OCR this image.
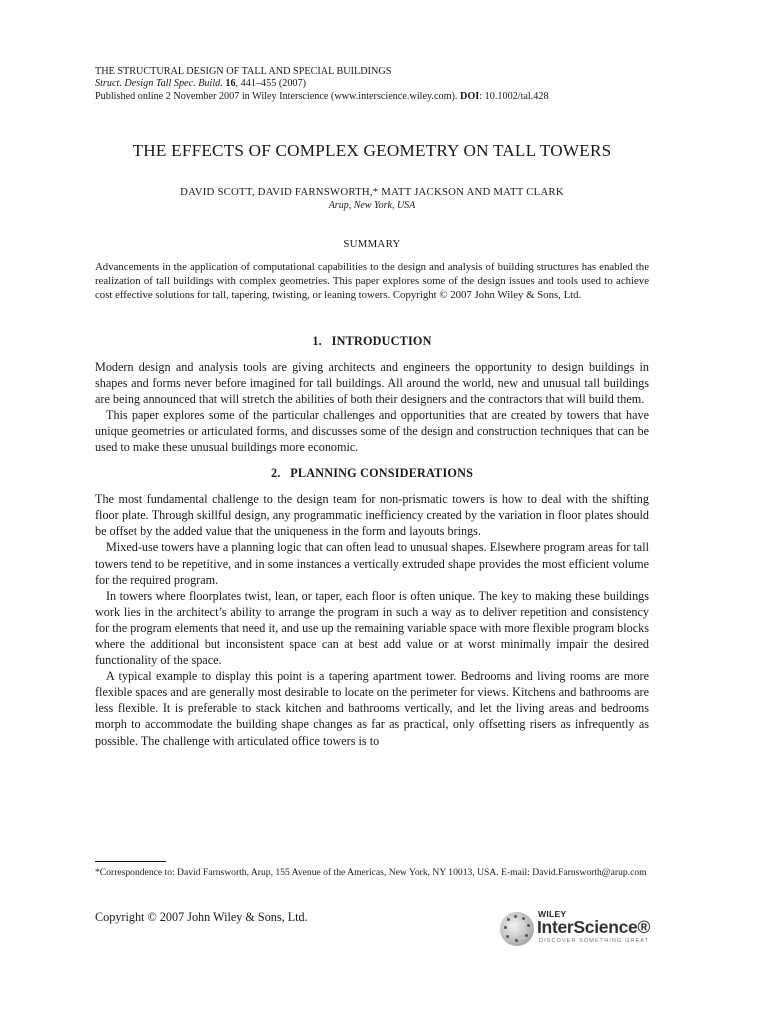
THE STRUCTURAL DESIGN OF TALL AND SPECIAL BUILDINGS

Struct. Design Tall Spec. Build. 16, 441–455 (2007)

Published online 2 November 2007 in Wiley Interscience (www.interscience.wiley.com). DOI: 10.1002/tal.428

THE EFFECTS OF COMPLEX GEOMETRY ON TALL TOWERS

DAVID SCOTT, DAVID FARNSWORTH,* MATT JACKSON AND MATT CLARK

Arup, New York, USA

SUMMARY

Advancements in the application of computational capabilities to the design and analysis of building structures has enabled the realization of tall buildings with complex geometries. This paper explores some of the design issues and tools used to achieve cost effective solutions for tall, tapering, twisting, or leaning towers. Copyright © 2007 John Wiley & Sons, Ltd.

1.   INTRODUCTION

Modern design and analysis tools are giving architects and engineers the opportunity to design buildings in shapes and forms never before imagined for tall buildings. All around the world, new and unusual tall buildings are being announced that will stretch the abilities of both their designers and the contractors that will build them.

This paper explores some of the particular challenges and opportunities that are created by towers that have unique geometries or articulated forms, and discusses some of the design and construction techniques that can be used to make these unusual buildings more economic.

2.   PLANNING CONSIDERATIONS

The most fundamental challenge to the design team for non-prismatic towers is how to deal with the shifting floor plate. Through skillful design, any programmatic inefficiency created by the variation in floor plates should be offset by the added value that the uniqueness in the form and layouts brings.

Mixed-use towers have a planning logic that can often lead to unusual shapes. Elsewhere program areas for tall towers tend to be repetitive, and in some instances a vertically extruded shape provides the most efficient volume for the required program.

In towers where floorplates twist, lean, or taper, each floor is often unique. The key to making these buildings work lies in the architect’s ability to arrange the program in such a way as to deliver repetition and consistency for the program elements that need it, and use up the remaining variable space with more flexible program blocks where the additional but inconsistent space can at best add value or at worst minimally impair the desired functionality of the space.

A typical example to display this point is a tapering apartment tower. Bedrooms and living rooms are more flexible spaces and are generally most desirable to locate on the perimeter for views. Kitchens and bathrooms are less flexible. It is preferable to stack kitchen and bathrooms vertically, and let the living areas and bedrooms morph to accommodate the building shape changes as far as practical, only offsetting risers as infrequently as possible. The challenge with articulated office towers is to

*Correspondence to: David Farnsworth, Arup, 155 Avenue of the Americas, New York, NY 10013, USA. E-mail: David.Farnsworth@arup.com

Copyright © 2007 John Wiley & Sons, Ltd.	WILEY
InterScience®
DISCOVER SOMETHING GREAT
